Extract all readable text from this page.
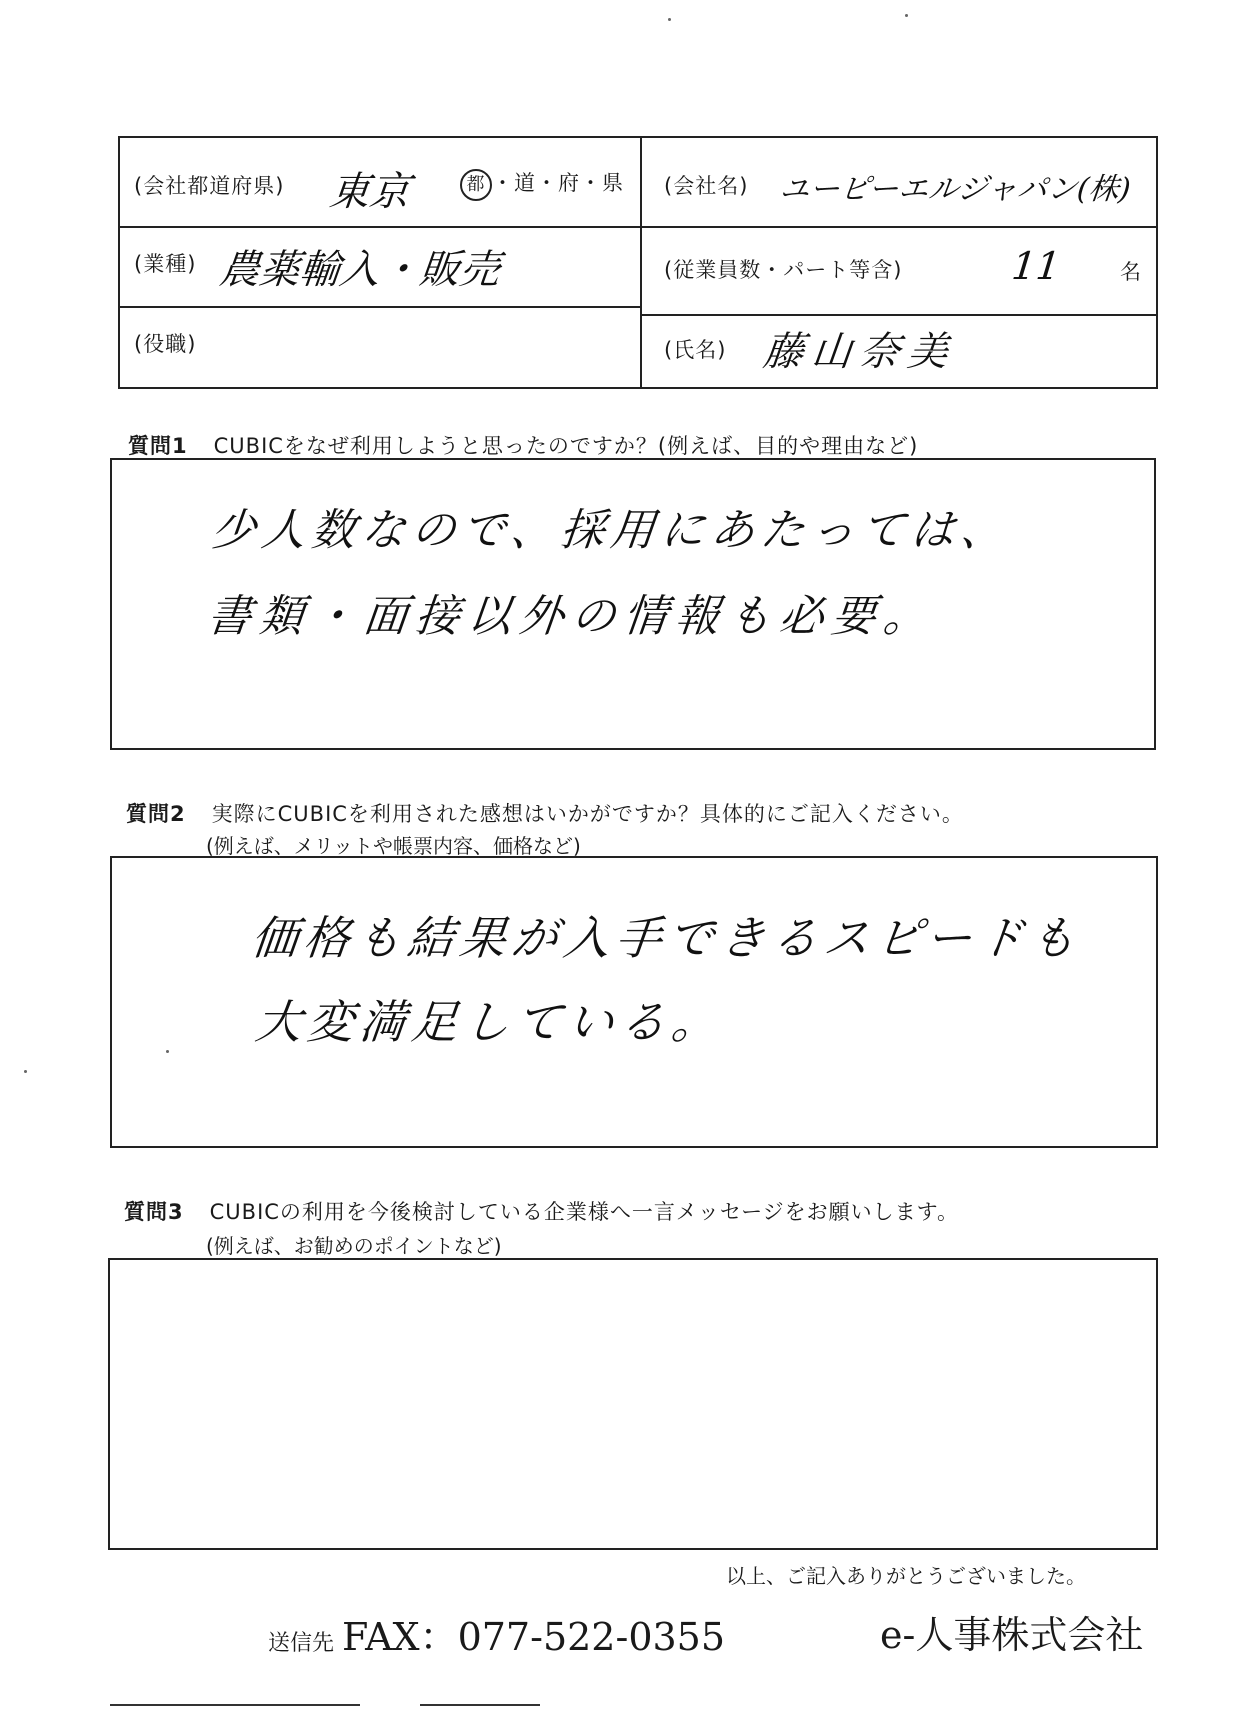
(会社都道府県) 東京	都 ・道・府・県 (会社名) ユーピーエルジャパン(株)
(業種) 農薬輸入・販売	(従業員数・パート等含)	11	名
(役職)	(氏名) 藤山奈美
質問1 CUBICをなぜ利用しようと思ったのですか？(例えば、目的や理由など)
少人数なので、採用にあたっては、
書類・面接以外の情報も必要。
質問2 実際にCUBICを利用された感想はいかがですか？具体的にご記入ください。
(例えば、メリットや帳票内容、価格など)
価格も結果が入手できるスピードも
大変満足している。
質問3 CUBICの利用を今後検討している企業様へ一言メッセージをお願いします。
(例えば、お勧めのポイントなど)
以上、ご記入ありがとうございました。
送信先 FAX：077-522-0355	e-人事株式会社
